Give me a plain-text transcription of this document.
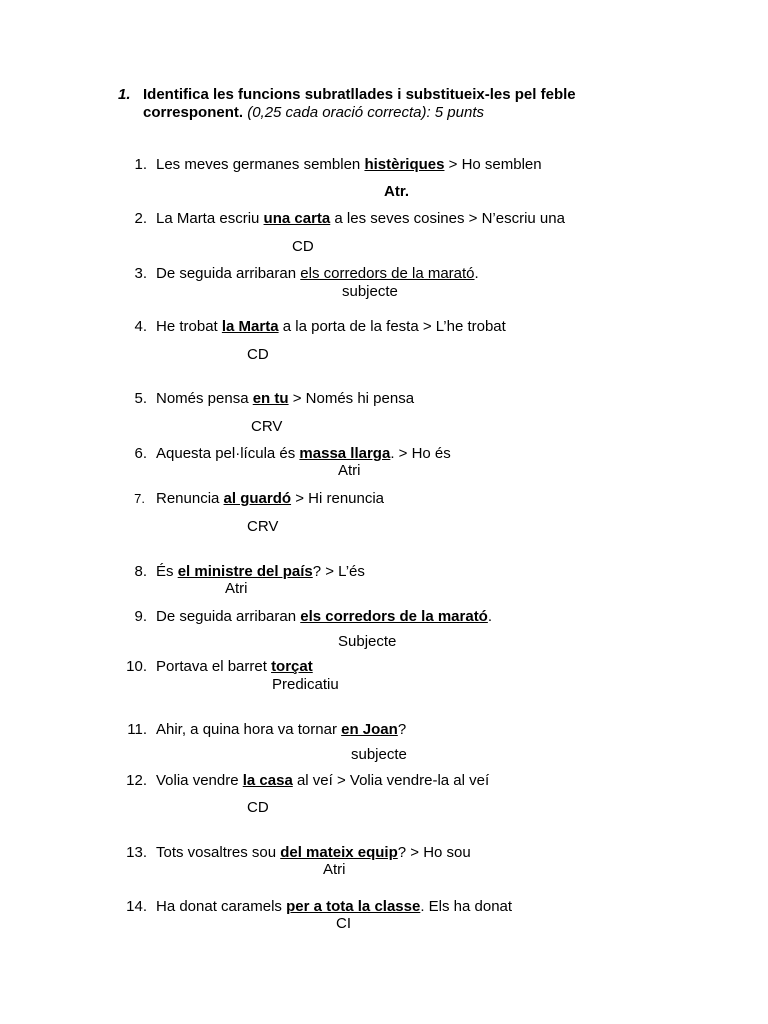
1. Identifica les funcions subratllades i substitueix-les pel feble
corresponent. (0,25 cada oració correcta): 5 punts
1. Les meves germanes semblen histèriques > Ho semblen
Atr.
2. La Marta escriu una carta a les seves cosines > N’escriu una
CD
3. De seguida arribaran els corredors de la marató.
subjecte
4. He trobat la Marta a la porta de la festa > L’he trobat
CD
5. Només pensa en tu > Només hi pensa
CRV
6. Aquesta pel·lícula és massa llarga. > Ho és
Atri
7. Renuncia al guardó > Hi renuncia
CRV
8. És el ministre del país? > L’és
Atri
9. De seguida arribaran els corredors de la marató.
Subjecte
10. Portava el barret torçat
Predicatiu
11. Ahir, a quina hora va tornar en Joan?
subjecte
12. Volia vendre la casa al veí > Volia vendre-la al veí
CD
13. Tots vosaltres sou del mateix equip? > Ho sou
Atri
14. Ha donat caramels per a tota la classe. Els ha donat
CI
